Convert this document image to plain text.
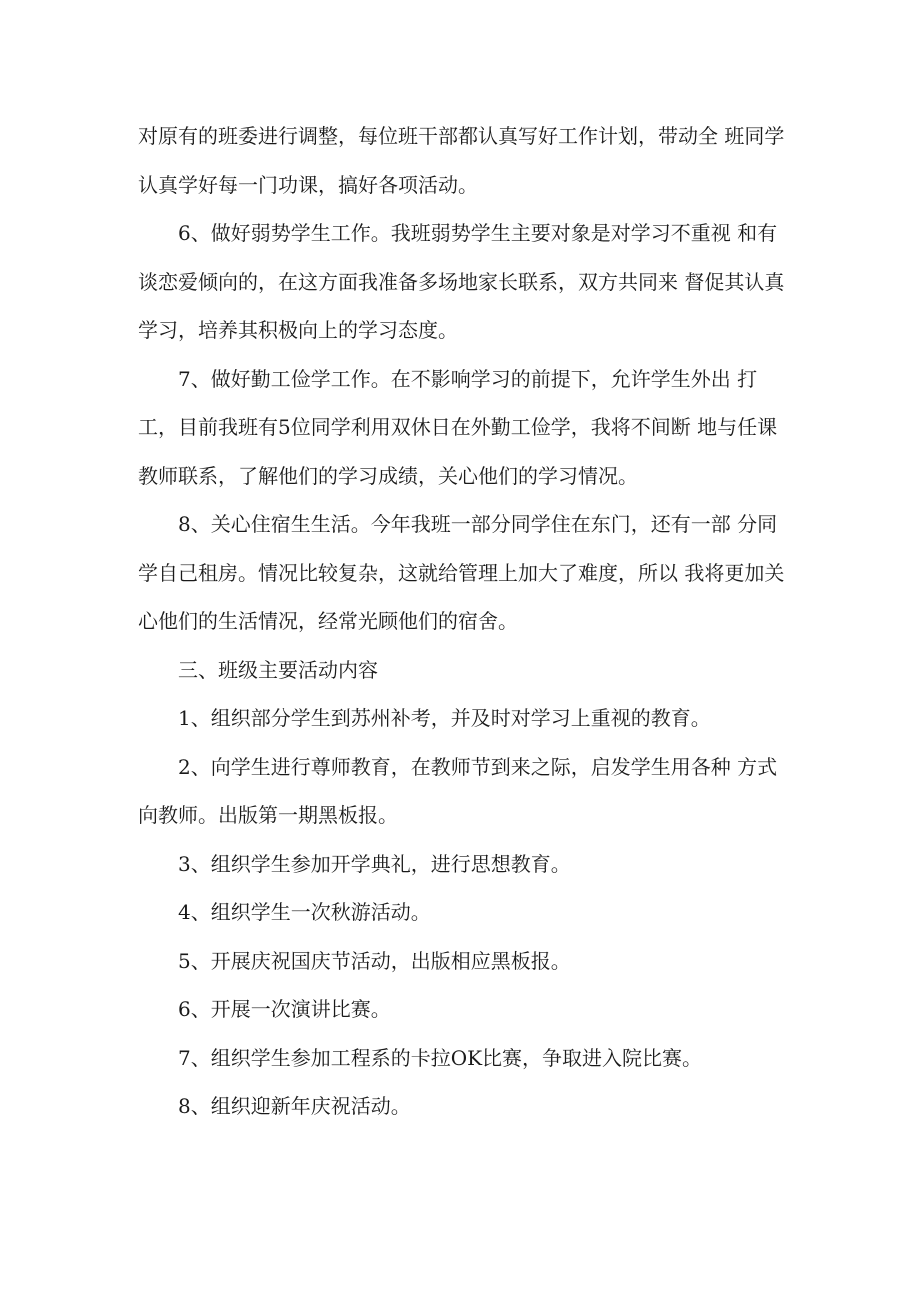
对原有的班委进行调整，每位班干部都认真写好工作计划，带动全 班同学
认真学好每一门功课，搞好各项活动。

6、做好弱势学生工作。我班弱势学生主要对象是对学习不重视 和有
谈恋爱倾向的，在这方面我准备多场地家长联系，双方共同来 督促其认真
学习，培养其积极向上的学习态度。

7、做好勤工俭学工作。在不影响学习的前提下，允许学生外出 打
工，目前我班有5位同学利用双休日在外勤工俭学，我将不间断 地与任课
教师联系，了解他们的学习成绩，关心他们的学习情况。

8、关心住宿生生活。今年我班一部分同学住在东门，还有一部 分同
学自己租房。情况比较复杂，这就给管理上加大了难度，所以 我将更加关
心他们的生活情况，经常光顾他们的宿舍。

三、班级主要活动内容

1、组织部分学生到苏州补考，并及时对学习上重视的教育。

2、向学生进行尊师教育，在教师节到来之际，启发学生用各种 方式
向教师。出版第一期黑板报。

3、组织学生参加开学典礼，进行思想教育。

4、组织学生一次秋游活动。

5、开展庆祝国庆节活动，出版相应黑板报。

6、开展一次演讲比赛。

7、组织学生参加工程系的卡拉OK比赛，争取进入院比赛。

8、组织迎新年庆祝活动。
